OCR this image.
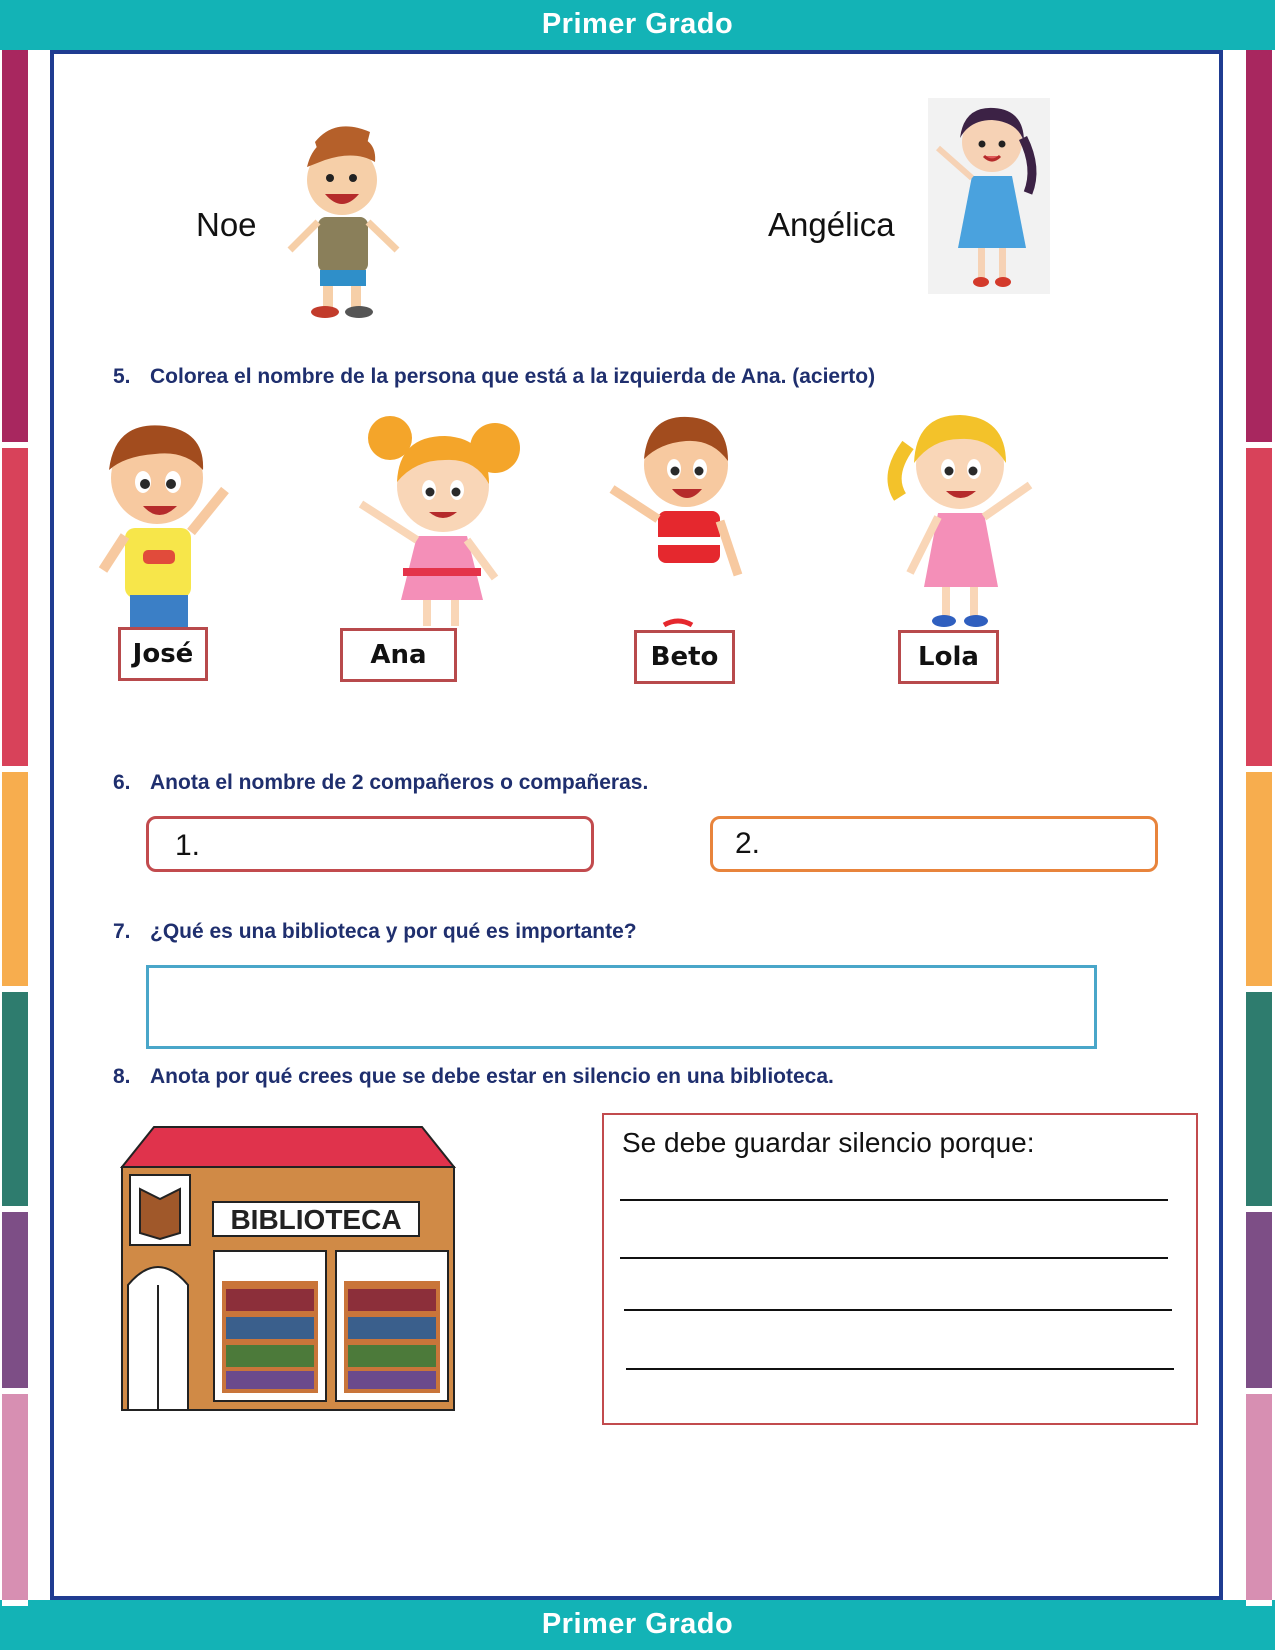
Primer Grado
Primer Grado
Noe	Angélica
5. Colorea el nombre de la persona que está a la izquierda de Ana. (acierto)
José	Ana	Beto	Lola
6. Anota el nombre de 2 compañeros o compañeras.
1.	2.
7. ¿Qué es una biblioteca y por qué es importante?
8. Anota por qué crees que se debe estar en silencio en una biblioteca.
BIBLIOTECA
Se debe guardar silencio porque:
